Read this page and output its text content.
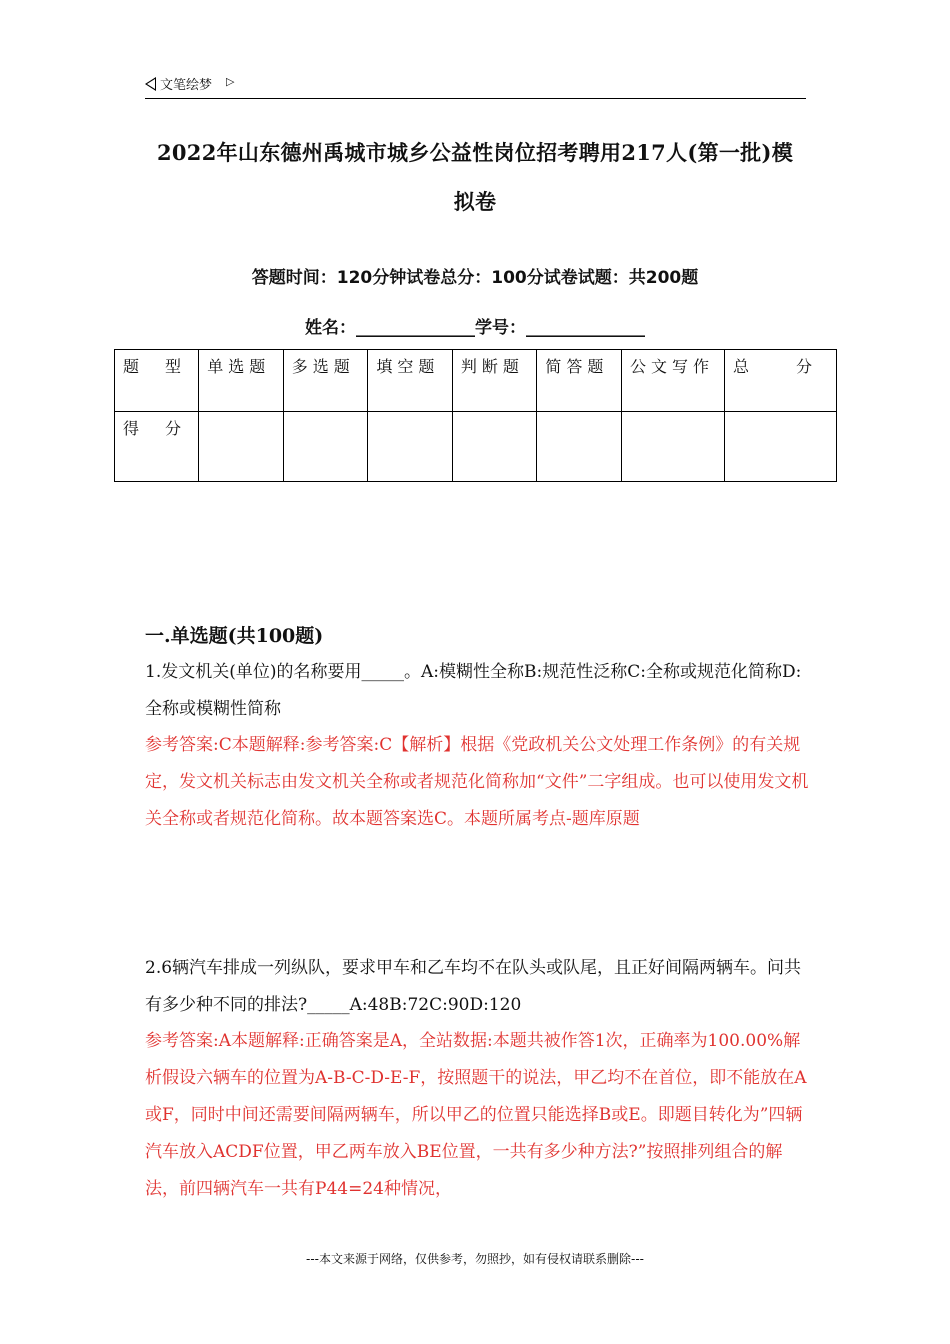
文笔绘梦 ▷
2022年山东德州禹城市城乡公益性岗位招考聘用217人(第一批)模
拟卷
答题时间：120分钟试卷总分：100分试卷试题：共200题
姓名：______________学号：______________
题　型	单选题	多选题	填空题	判断题	简答题	公文写作	总　　分
得　分							
一.单选题(共100题)
1.发文机关(单位)的名称要用_____。A:模糊性全称B:规范性泛称C:全称或规范化简称D:全称或模糊性简称
参考答案:C本题解释:参考答案:C【解析】根据《党政机关公文处理工作条例》的有关规定，发文机关标志由发文机关全称或者规范化简称加“文件”二字组成。也可以使用发文机关全称或者规范化简称。故本题答案选C。本题所属考点-题库原题
2.6辆汽车排成一列纵队，要求甲车和乙车均不在队头或队尾，且正好间隔两辆车。问共有多少种不同的排法?_____A:48B:72C:90D:120
参考答案:A本题解释:正确答案是A，全站数据:本题共被作答1次，正确率为100.00%解析假设六辆车的位置为A-B-C-D-E-F，按照题干的说法，甲乙均不在首位，即不能放在A或F，同时中间还需要间隔两辆车，所以甲乙的位置只能选择B或E。即题目转化为”四辆汽车放入ACDF位置，甲乙两车放入BE位置，一共有多少种方法?”按照排列组合的解法，前四辆汽车一共有P44=24种情况，
---本文来源于网络，仅供参考，勿照抄，如有侵权请联系删除---
